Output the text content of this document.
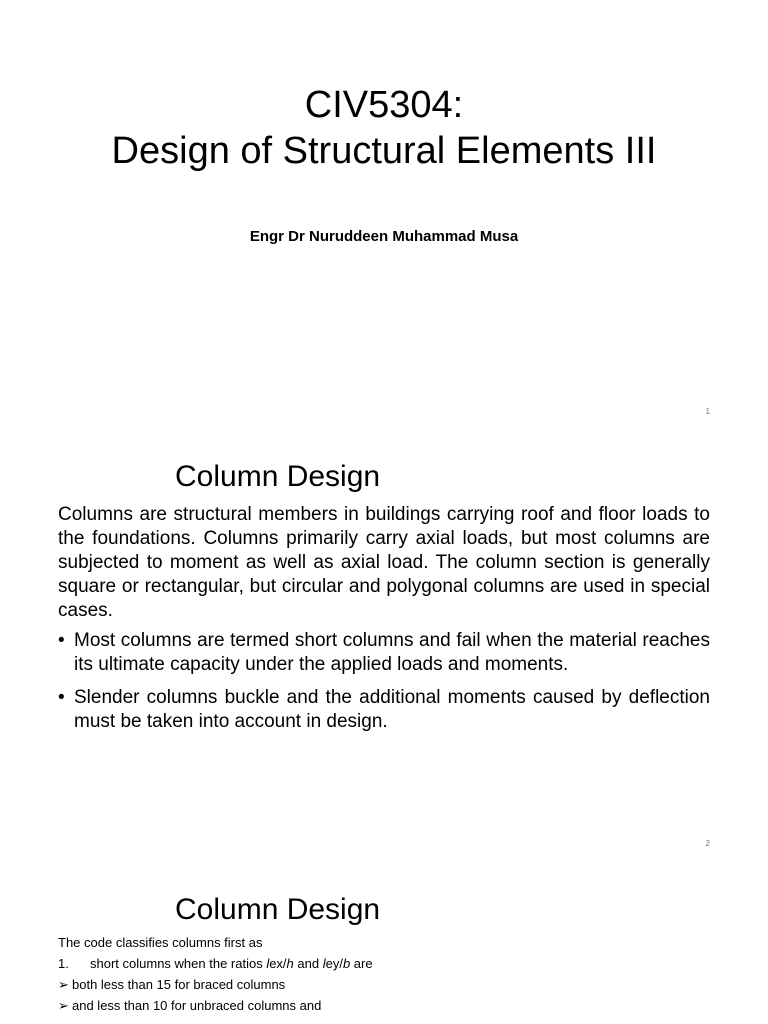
CIV5304:
Design of Structural Elements III
Engr Dr Nuruddeen Muhammad Musa
1
Column Design

Columns are structural members in buildings carrying roof and floor loads to the foundations. Columns primarily carry axial loads, but most columns are subjected to moment as well as axial load. The column section is generally square or rectangular, but circular and polygonal columns are used in special cases.

• Most columns are termed short columns and fail when the material reaches its ultimate capacity under the applied loads and moments.
• Slender columns buckle and the additional moments caused by deflection must be taken into account in design.
2
Column Design
The code classifies columns first as
1. short columns when the ratios lex/h and ley/b are
➢ both less than 15 for braced columns
➢ and less than 10 for unbraced columns and
